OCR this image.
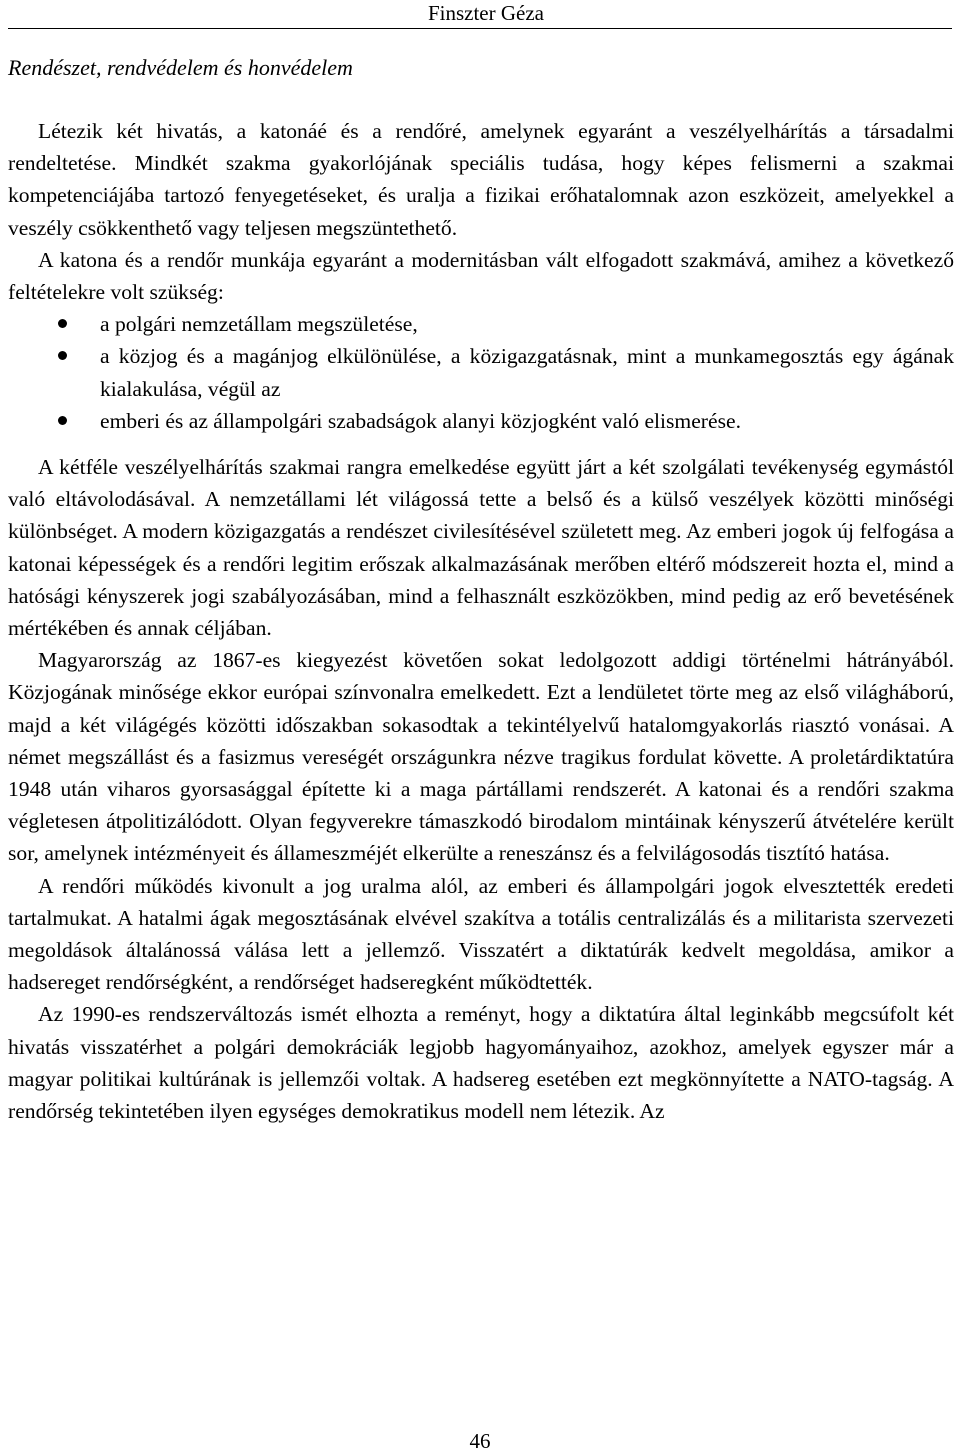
Finszter Géza
Rendészet, rendvédelem és honvédelem

Létezik két hivatás, a katonáé és a rendőré, amelynek egyaránt a veszélyelhárítás a társadalmi rendeltetése. Mindkét szakma gyakorlójának speciális tudása, hogy képes felismerni a szakmai kompetenciájába tartozó fenyegetéseket, és uralja a fizikai erőhatalomnak azon eszközeit, amelyekkel a veszély csökkenthető vagy teljesen megszüntethető.

A katona és a rendőr munkája egyaránt a modernitásban vált elfogadott szakmává, amihez a következő feltételekre volt szükség:

a polgári nemzetállam megszületése,
a közjog és a magánjog elkülönülése, a közigazgatásnak, mint a munkamegosztás egy ágának kialakulása, végül az
emberi és az állampolgári szabadságok alanyi közjogként való elismerése.

A kétféle veszélyelhárítás szakmai rangra emelkedése együtt járt a két szolgálati tevékenység egymástól való eltávolodásával. A nemzetállami lét világossá tette a belső és a külső veszélyek közötti minőségi különbséget. A modern közigazgatás a rendészet civilesítésével született meg. Az emberi jogok új felfogása a katonai képességek és a rendőri legitim erőszak alkalmazásának merőben eltérő módszereit hozta el, mind a hatósági kényszerek jogi szabályozásában, mind a felhasznált eszközökben, mind pedig az erő bevetésének mértékében és annak céljában.

Magyarország az 1867-es kiegyezést követően sokat ledolgozott addigi történelmi hátrányából. Közjogának minősége ekkor európai színvonalra emelkedett. Ezt a lendületet törte meg az első világháború, majd a két világégés közötti időszakban sokasodtak a tekintélyelvű hatalomgyakorlás riasztó vonásai. A német megszállást és a fasizmus vereségét országunkra nézve tragikus fordulat követte. A proletárdiktatúra 1948 után viharos gyorsasággal építette ki a maga pártállami rendszerét. A katonai és a rendőri szakma végletesen átpolitizálódott. Olyan fegyverekre támaszkodó birodalom mintáinak kényszerű átvételére került sor, amelynek intézményeit és állameszméjét elkerülte a reneszánsz és a felvilágosodás tisztító hatása.

A rendőri működés kivonult a jog uralma alól, az emberi és állampolgári jogok elvesztették eredeti tartalmukat. A hatalmi ágak megosztásának elvével szakítva a totális centralizálás és a militarista szervezeti megoldások általánossá válása lett a jellemző. Visszatért a diktatúrák kedvelt megoldása, amikor a hadsereget rendőrségként, a rendőrséget hadseregként működtették.

Az 1990-es rendszerváltozás ismét elhozta a reményt, hogy a diktatúra által leginkább megcsúfolt két hivatás visszatérhet a polgári demokráciák legjobb hagyományaihoz, azokhoz, amelyek egyszer már a magyar politikai kultúrának is jellemzői voltak. A hadsereg esetében ezt megkönnyítette a NATO-tagság. A rendőrség tekintetében ilyen egységes demokratikus modell nem létezik. Az

46
